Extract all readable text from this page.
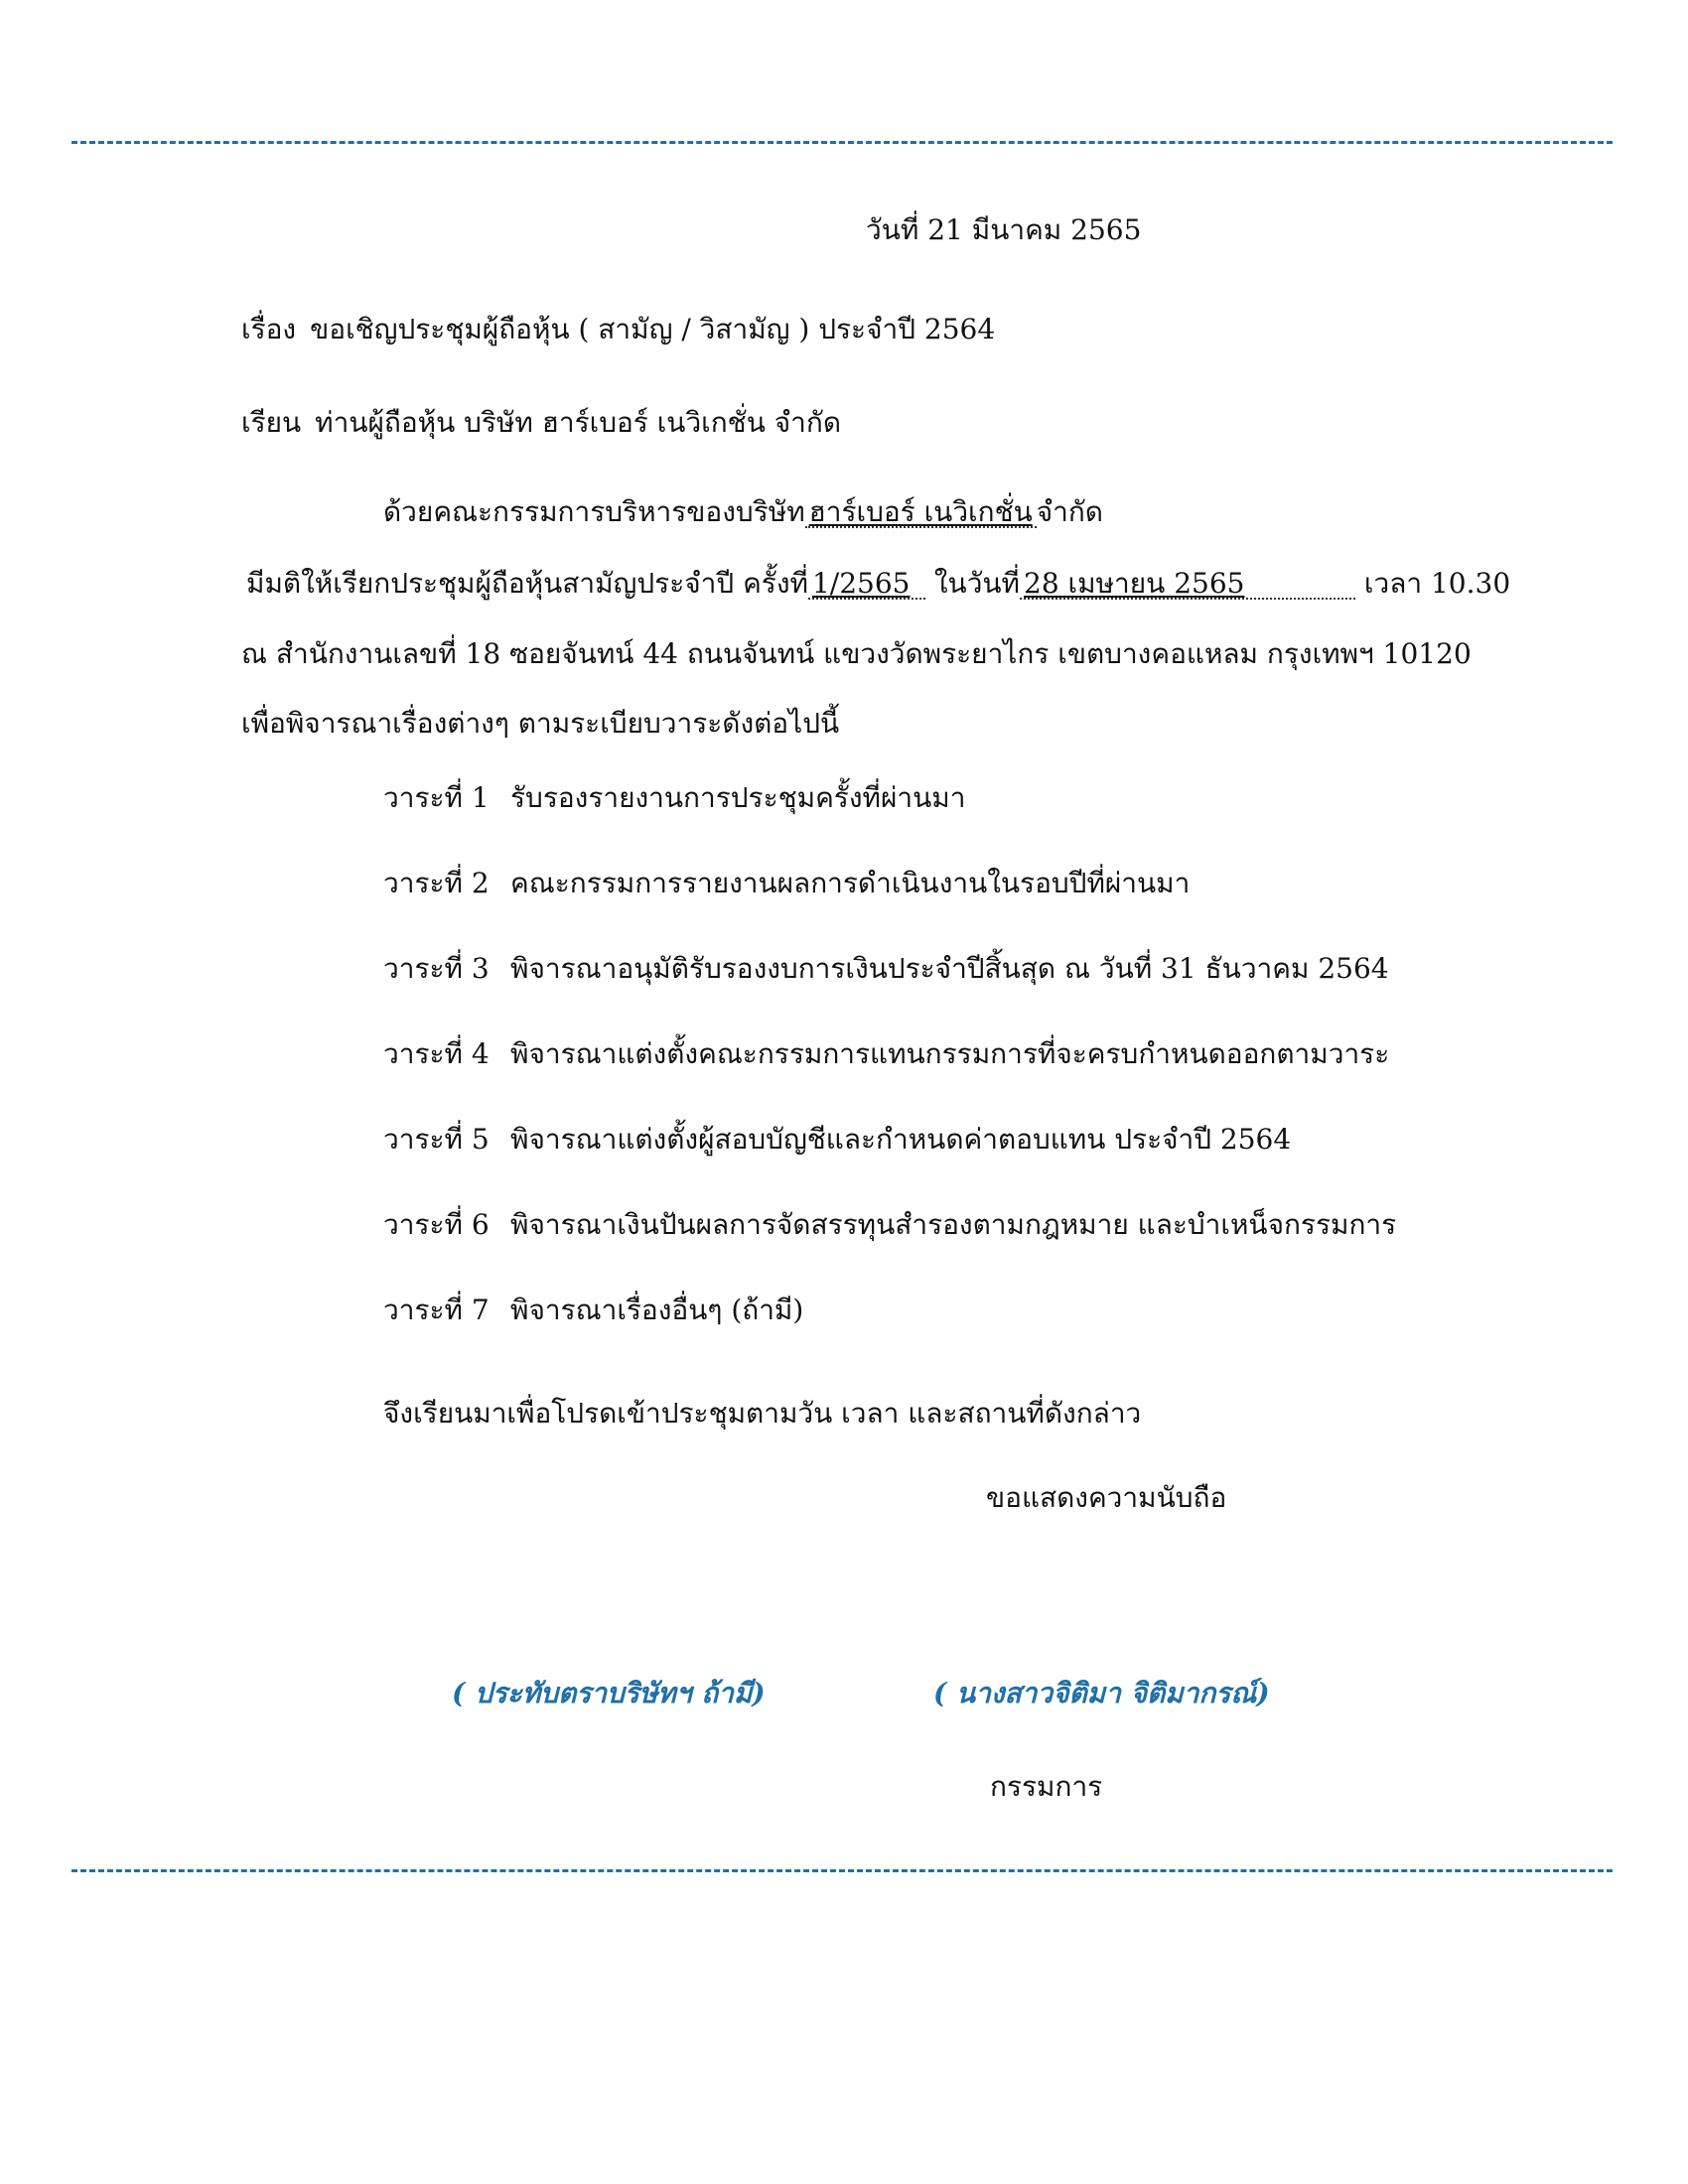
วันที่ 21 มีนาคม 2565
เรื่อง ขอเชิญประชุมผู้ถือหุ้น ( สามัญ / วิสามัญ ) ประจำปี 2564
เรียน ท่านผู้ถือหุ้น บริษัท ฮาร์เบอร์ เนวิเกชั่น จำกัด
ด้วยคณะกรรมการบริหารของบริษัท ฮาร์เบอร์ เนวิเกชั่น จำกัด
มีมติให้เรียกประชุมผู้ถือหุ้นสามัญประจำปี ครั้งที่ 1/2565 ในวันที่ 28 เมษายน 2565	เวลา 10.30
ณ สำนักงานเลขที่ 18 ซอยจันทน์ 44 ถนนจันทน์ แขวงวัดพระยาไกร เขตบางคอแหลม กรุงเทพฯ 10120
เพื่อพิจารณาเรื่องต่างๆ ตามระเบียบวาระดังต่อไปนี้
วาระที่ 1 รับรองรายงานการประชุมครั้งที่ผ่านมา
วาระที่ 2 คณะกรรมการรายงานผลการดำเนินงานในรอบปีที่ผ่านมา
วาระที่ 3 พิจารณาอนุมัติรับรองงบการเงินประจำปีสิ้นสุด ณ วันที่ 31 ธันวาคม 2564
วาระที่ 4 พิจารณาแต่งตั้งคณะกรรมการแทนกรรมการที่จะครบกำหนดออกตามวาระ
วาระที่ 5 พิจารณาแต่งตั้งผู้สอบบัญชีและกำหนดค่าตอบแทน ประจำปี 2564
วาระที่ 6 พิจารณาเงินปันผลการจัดสรรทุนสำรองตามกฎหมาย และบำเหน็จกรรมการ
วาระที่ 7 พิจารณาเรื่องอื่นๆ (ถ้ามี)
จึงเรียนมาเพื่อโปรดเข้าประชุมตามวัน เวลา และสถานที่ดังกล่าว
ขอแสดงความนับถือ
( ประทับตราบริษัทฯ ถ้ามี)	( นางสาวจิติมา จิติมากรณ์)
กรรมการ
